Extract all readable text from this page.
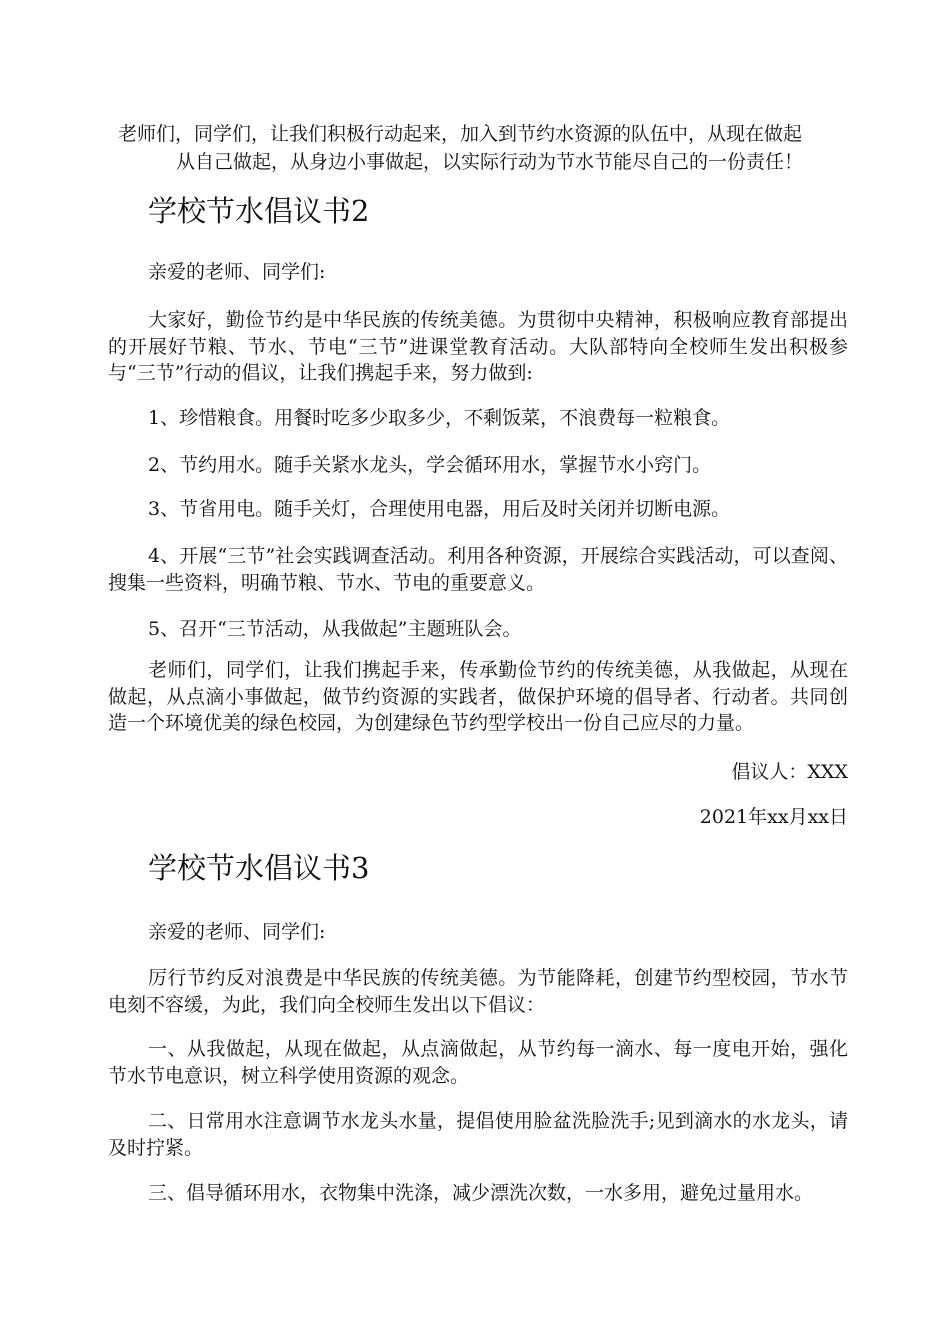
老师们，同学们，让我们积极行动起来，加入到节约水资源的队伍中，从现在做起
从自己做起，从身边小事做起，以实际行动为节水节能尽自己的一份责任！

学校节水倡议书2

亲爱的老师、同学们:

大家好，勤俭节约是中华民族的传统美德。为贯彻中央精神，积极响应教育部提出的开展好节粮、节水、节电“三节”进课堂教育活动。大队部特向全校师生发出积极参与“三节”行动的倡议，让我们携起手来，努力做到:

1、珍惜粮食。用餐时吃多少取多少，不剩饭菜，不浪费每一粒粮食。

2、节约用水。随手关紧水龙头，学会循环用水，掌握节水小窍门。

3、节省用电。随手关灯，合理使用电器，用后及时关闭并切断电源。

4、开展“三节”社会实践调查活动。利用各种资源，开展综合实践活动，可以查阅、搜集一些资料，明确节粮、节水、节电的重要意义。

5、召开“三节活动，从我做起”主题班队会。

老师们，同学们，让我们携起手来，传承勤俭节约的传统美德，从我做起，从现在做起，从点滴小事做起，做节约资源的实践者，做保护环境的倡导者、行动者。共同创造一个环境优美的绿色校园，为创建绿色节约型学校出一份自己应尽的力量。

倡议人：XXX

2021年xx月xx日

学校节水倡议书3

亲爱的老师、同学们:

厉行节约反对浪费是中华民族的传统美德。为节能降耗，创建节约型校园，节水节电刻不容缓，为此，我们向全校师生发出以下倡议：

一、从我做起，从现在做起，从点滴做起，从节约每一滴水、每一度电开始，强化节水节电意识，树立科学使用资源的观念。

二、日常用水注意调节水龙头水量，提倡使用脸盆洗脸洗手;见到滴水的水龙头，请及时拧紧。

三、倡导循环用水，衣物集中洗涤，减少漂洗次数，一水多用，避免过量用水。
